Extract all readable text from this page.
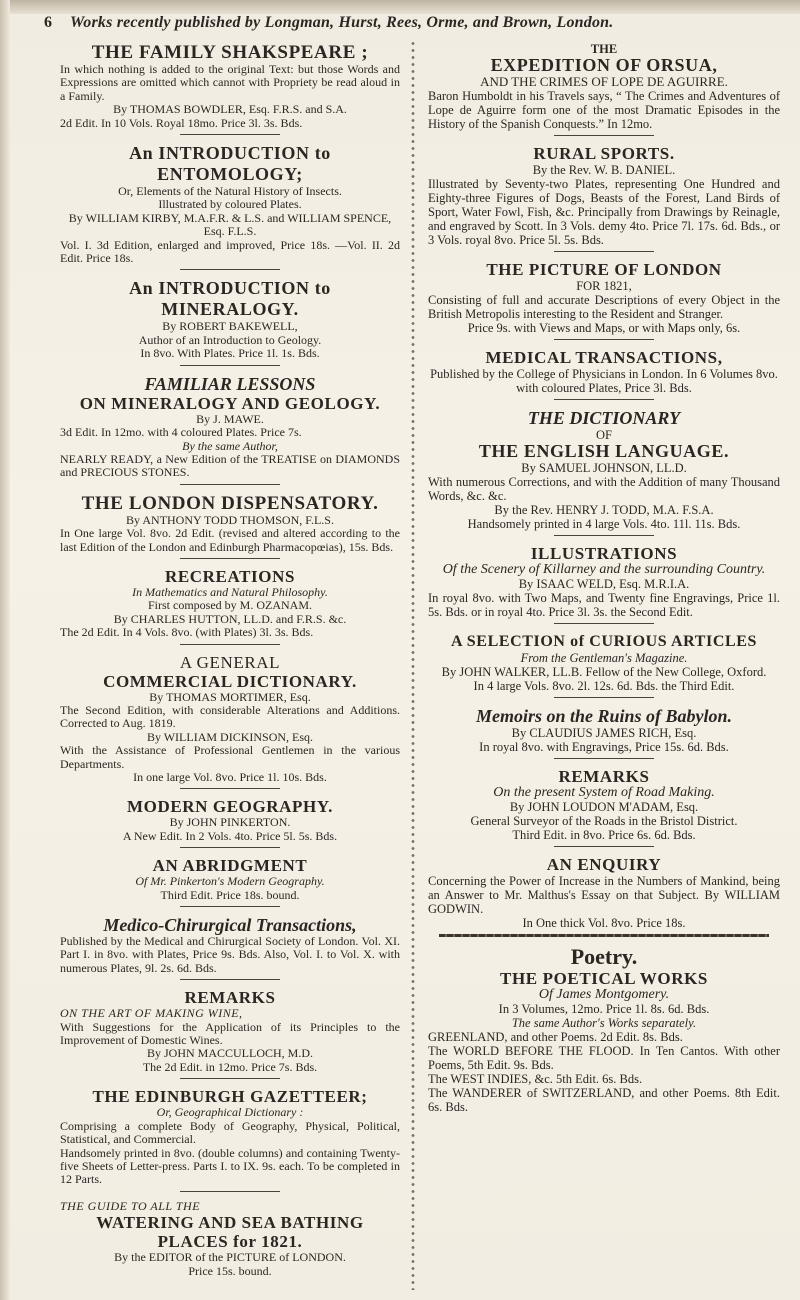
6 Works recently published by Longman, Hurst, Rees, Orme, and Brown, London.
THE FAMILY SHAKSPEARE ;

In which nothing is added to the original Text: but those Words and Expressions are omitted which cannot with Propriety be read aloud in a Family.

By THOMAS BOWDLER, Esq. F.R.S. and S.A.

2d Edit. In 10 Vols. Royal 18mo. Price 3l. 3s. Bds.

An INTRODUCTION to ENTOMOLOGY;

Or, Elements of the Natural History of Insects.

Illustrated by coloured Plates.

By WILLIAM KIRBY, M.A.F.R. & L.S. and WILLIAM SPENCE, Esq. F.L.S.

Vol. I. 3d Edition, enlarged and improved, Price 18s. —Vol. II. 2d Edit. Price 18s.

An INTRODUCTION to MINERALOGY.

By ROBERT BAKEWELL,

Author of an Introduction to Geology.

In 8vo. With Plates. Price 1l. 1s. Bds.

FAMILIAR LESSONS
ON MINERALOGY AND GEOLOGY.

By J. MAWE.

3d Edit. In 12mo. with 4 coloured Plates. Price 7s.

By the same Author,

NEARLY READY, a New Edition of the TREATISE on DIAMONDS and PRECIOUS STONES.

THE LONDON DISPENSATORY.

By ANTHONY TODD THOMSON, F.L.S.

In One large Vol. 8vo. 2d Edit. (revised and altered according to the last Edition of the London and Edinburgh Pharmacopœias), 15s. Bds.

RECREATIONS

In Mathematics and Natural Philosophy.

First composed by M. OZANAM.

By CHARLES HUTTON, LL.D. and F.R.S. &c.

The 2d Edit. In 4 Vols. 8vo. (with Plates) 3l. 3s. Bds.

A GENERAL
COMMERCIAL DICTIONARY.

By THOMAS MORTIMER, Esq.

The Second Edition, with considerable Alterations and Additions. Corrected to Aug. 1819.

By WILLIAM DICKINSON, Esq.

With the Assistance of Professional Gentlemen in the various Departments.

In one large Vol. 8vo. Price 1l. 10s. Bds.

MODERN GEOGRAPHY.

By JOHN PINKERTON.

A New Edit. In 2 Vols. 4to. Price 5l. 5s. Bds.

AN ABRIDGMENT

Of Mr. Pinkerton's Modern Geography.

Third Edit. Price 18s. bound.

Medico-Chirurgical Transactions,

Published by the Medical and Chirurgical Society of London. Vol. XI. Part I. in 8vo. with Plates, Price 9s. Bds. Also, Vol. I. to Vol. X. with numerous Plates, 9l. 2s. 6d. Bds.

REMARKS

ON THE ART OF MAKING WINE,

With Suggestions for the Application of its Principles to the Improvement of Domestic Wines.

By JOHN MACCULLOCH, M.D.

The 2d Edit. in 12mo. Price 7s. Bds.

THE EDINBURGH GAZETTEER;

Or, Geographical Dictionary :

Comprising a complete Body of Geography, Physical, Political, Statistical, and Commercial.

Handsomely printed in 8vo. (double columns) and containing Twenty-five Sheets of Letter-press. Parts I. to IX. 9s. each. To be completed in 12 Parts.

THE GUIDE TO ALL THE

WATERING AND SEA BATHING PLACES for 1821.

By the EDITOR of the PICTURE of LONDON.

Price 15s. bound.

THE

EXPEDITION OF ORSUA,

AND THE CRIMES OF LOPE DE AGUIRRE.

Baron Humboldt in his Travels says, “ The Crimes and Adventures of Lope de Aguirre form one of the most Dramatic Episodes in the History of the Spanish Conquests.” In 12mo.

RURAL SPORTS.

By the Rev. W. B. DANIEL.

Illustrated by Seventy-two Plates, representing One Hundred and Eighty-three Figures of Dogs, Beasts of the Forest, Land Birds of Sport, Water Fowl, Fish, &c. Principally from Drawings by Reinagle, and engraved by Scott. In 3 Vols. demy 4to. Price 7l. 17s. 6d. Bds., or 3 Vols. royal 8vo. Price 5l. 5s. Bds.

THE PICTURE OF LONDON

FOR 1821,

Consisting of full and accurate Descriptions of every Object in the British Metropolis interesting to the Resident and Stranger.

Price 9s. with Views and Maps, or with Maps only, 6s.

MEDICAL TRANSACTIONS,

Published by the College of Physicians in London. In 6 Volumes 8vo. with coloured Plates, Price 3l. Bds.

THE DICTIONARY

OF

THE ENGLISH LANGUAGE.

By SAMUEL JOHNSON, LL.D.

With numerous Corrections, and with the Addition of many Thousand Words, &c. &c.

By the Rev. HENRY J. TODD, M.A. F.S.A.

Handsomely printed in 4 large Vols. 4to. 11l. 11s. Bds.

ILLUSTRATIONS

Of the Scenery of Killarney and the surrounding Country.

By ISAAC WELD, Esq. M.R.I.A.

In royal 8vo. with Two Maps, and Twenty fine Engravings, Price 1l. 5s. Bds. or in royal 4to. Price 3l. 3s. the Second Edit.

A SELECTION of CURIOUS ARTICLES

From the Gentleman's Magazine.

By JOHN WALKER, LL.B. Fellow of the New College, Oxford.

In 4 large Vols. 8vo. 2l. 12s. 6d. Bds. the Third Edit.

Memoirs on the Ruins of Babylon.

By CLAUDIUS JAMES RICH, Esq.

In royal 8vo. with Engravings, Price 15s. 6d. Bds.

REMARKS

On the present System of Road Making.

By JOHN LOUDON M'ADAM, Esq.

General Surveyor of the Roads in the Bristol District.

Third Edit. in 8vo. Price 6s. 6d. Bds.

AN ENQUIRY

Concerning the Power of Increase in the Numbers of Mankind, being an Answer to Mr. Malthus's Essay on that Subject. By WILLIAM GODWIN.

In One thick Vol. 8vo. Price 18s.

Poetry.
THE POETICAL WORKS

Of James Montgomery.

In 3 Volumes, 12mo. Price 1l. 8s. 6d. Bds.

The same Author's Works separately.

GREENLAND, and other Poems. 2d Edit. 8s. Bds.

The WORLD BEFORE THE FLOOD. In Ten Cantos. With other Poems, 5th Edit. 9s. Bds.

The WEST INDIES, &c. 5th Edit. 6s. Bds.

The WANDERER of SWITZERLAND, and other Poems. 8th Edit. 6s. Bds.
